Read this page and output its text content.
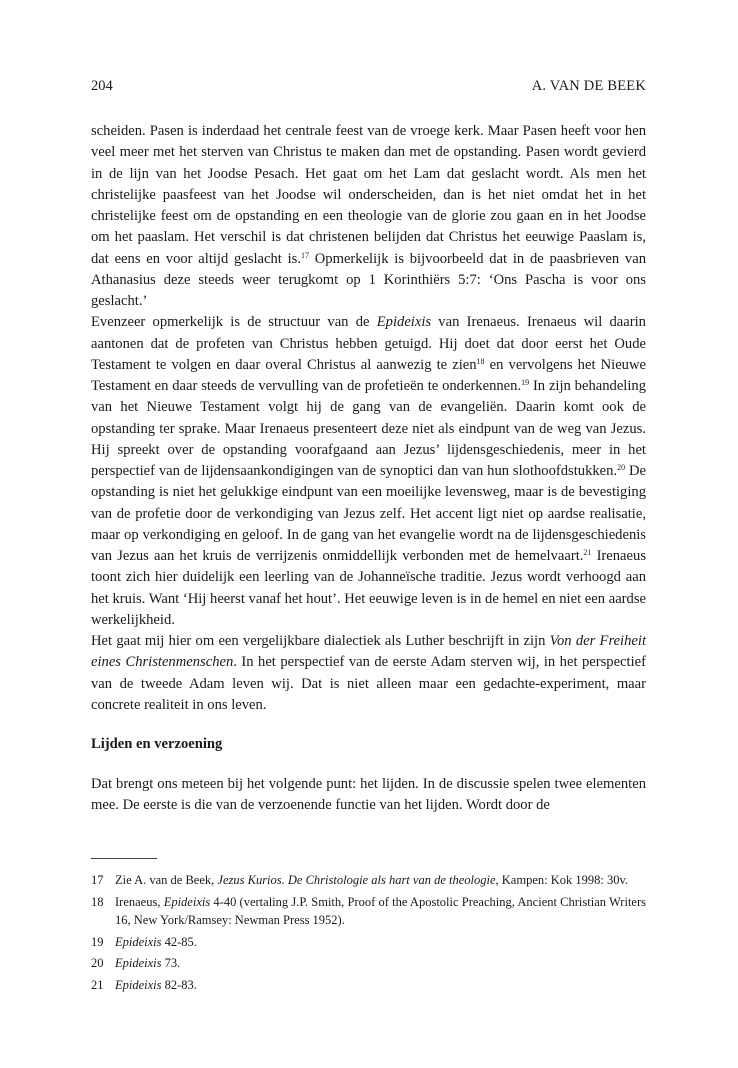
204	A. VAN DE BEEK

scheiden. Pasen is inderdaad het centrale feest van de vroege kerk. Maar Pasen heeft voor hen veel meer met het sterven van Christus te maken dan met de opstanding. Pasen wordt gevierd in de lijn van het Joodse Pesach. Het gaat om het Lam dat geslacht wordt. Als men het christelijke paasfeest van het Joodse wil onderscheiden, dan is het niet omdat het in het christelijke feest om de opstanding en een theologie van de glorie zou gaan en in het Joodse om het paaslam. Het verschil is dat christenen belijden dat Christus het eeuwige Paaslam is, dat eens en voor altijd geslacht is.$^{17}$ Opmerkelijk is bijvoorbeeld dat in de paasbrieven van Athanasius deze steeds weer terugkomt op 1 Korinthiërs 5:7: ‘Ons Pascha is voor ons geslacht.’

Evenzeer opmerkelijk is de structuur van de Epideixis van Irenaeus. Irenaeus wil daarin aantonen dat de profeten van Christus hebben getuigd. Hij doet dat door eerst het Oude Testament te volgen en daar overal Christus al aanwezig te zien$^{18}$ en vervolgens het Nieuwe Testament en daar steeds de vervulling van de profetieën te onderkennen.$^{19}$ In zijn behandeling van het Nieuwe Testament volgt hij de gang van de evangeliën. Daarin komt ook de opstanding ter sprake. Maar Irenaeus presenteert deze niet als eindpunt van de weg van Jezus. Hij spreekt over de opstanding voorafgaand aan Jezus’ lijdensgeschiedenis, meer in het perspectief van de lijdensaankondigingen van de synoptici dan van hun slothoofdstukken.$^{20}$ De opstanding is niet het gelukkige eindpunt van een moeilijke levensweg, maar is de bevestiging van de profetie door de verkondiging van Jezus zelf. Het accent ligt niet op aardse realisatie, maar op verkondiging en geloof. In de gang van het evangelie wordt na de lijdensgeschiedenis van Jezus aan het kruis de verrijzenis onmiddellijk verbonden met de hemelvaart.$^{21}$ Irenaeus toont zich hier duidelijk een leerling van de Johanneïsche traditie. Jezus wordt verhoogd aan het kruis. Want ‘Hij heerst vanaf het hout’. Het eeuwige leven is in de hemel en niet een aardse werkelijkheid.

Het gaat mij hier om een vergelijkbare dialectiek als Luther beschrijft in zijn Von der Freiheit eines Christenmenschen. In het perspectief van de eerste Adam sterven wij, in het perspectief van de tweede Adam leven wij. Dat is niet alleen maar een gedachte-experiment, maar concrete realiteit in ons leven.

Lijden en verzoening

Dat brengt ons meteen bij het volgende punt: het lijden. In de discussie spelen twee elementen mee. De eerste is die van de verzoenende functie van het lijden. Wordt door de

17 Zie A. van de Beek, Jezus Kurios. De Christologie als hart van de theologie, Kampen: Kok 1998: 30v.
18 Irenaeus, Epideixis 4-40 (vertaling J.P. Smith, Proof of the Apostolic Preaching, Ancient Christian Writers 16, New York/Ramsey: Newman Press 1952).
19 Epideixis 42-85.
20 Epideixis 73.
21 Epideixis 82-83.
